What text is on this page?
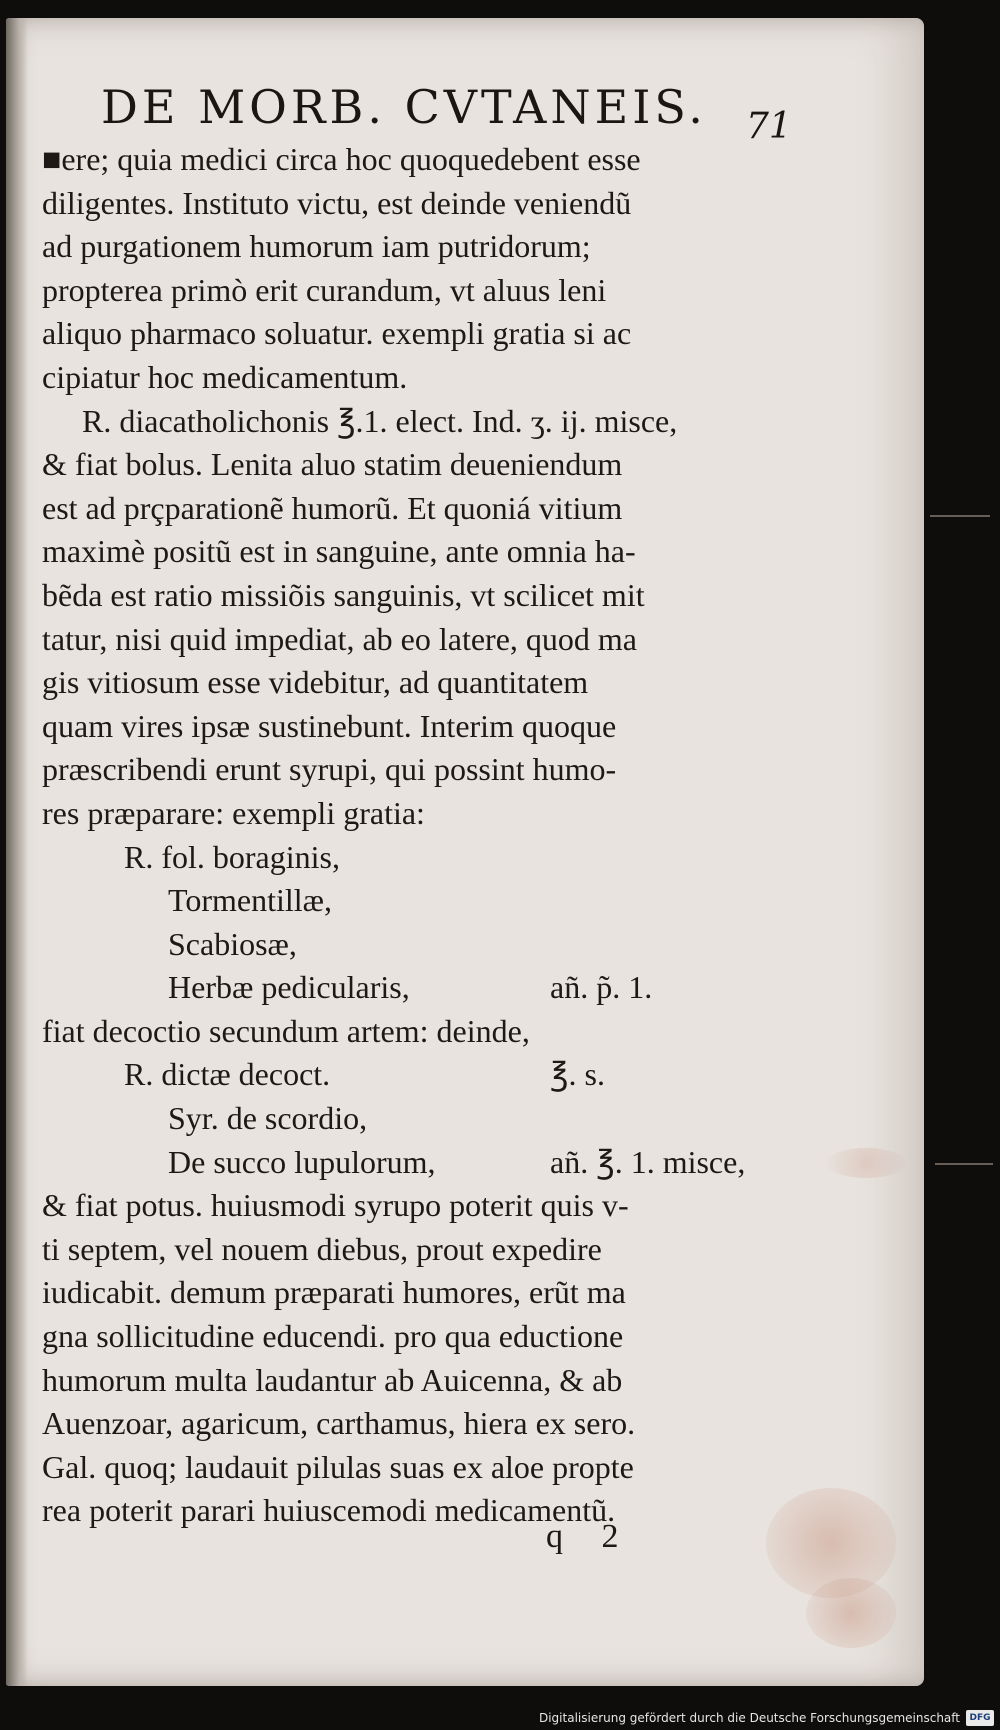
DE MORB. CVTANEIS.	71
■ere; quia medici circa hoc quoquedebent esse
diligentes. Instituto victu, est deinde veniendũ
ad purgationem humorum iam putridorum;
propterea primò erit curandum, vt aluus leni
aliquo pharmaco soluatur. exempli gratia si ac
cipiatur hoc medicamentum.
R. diacatholichonis ℥.1. elect. Ind. ʒ. ij. misce,
& fiat bolus. Lenita aluo statim deueniendum
est ad prçparationẽ humorũ. Et quoniá vitium
maximè positũ est in sanguine, ante omnia ha-
bẽda est ratio missiõis sanguinis, vt scilicet mit
tatur, nisi quid impediat, ab eo latere, quod ma
gis vitiosum esse videbitur, ad quantitatem
quam vires ipsæ sustinebunt. Interim quoque
præscribendi erunt syrupi, qui possint humo-
res præparare: exempli gratia:
R. fol. boraginis,
Tormentillæ,
Scabiosæ,
Herbæ pedicularis,	añ. p̃. 1.
fiat decoctio secundum artem: deinde,
R. dictæ decoct.	℥. s.
Syr. de scordio,
De succo lupulorum,	añ. ℥. 1. misce,
& fiat potus. huiusmodi syrupo poterit quis v-
ti septem, vel nouem diebus, prout expedire
iudicabit. demum præparati humores, erũt ma
gna sollicitudine educendi. pro qua eductione
humorum multa laudantur ab Auicenna, & ab
Auenzoar, agaricum, carthamus, hiera ex sero.
Gal. quoq; laudauit pilulas suas ex aloe propte
rea poterit parari huiuscemodi medicamentũ.
q 2
Digitalisierung gefördert durch die Deutsche Forschungsgemeinschaft	DFG
